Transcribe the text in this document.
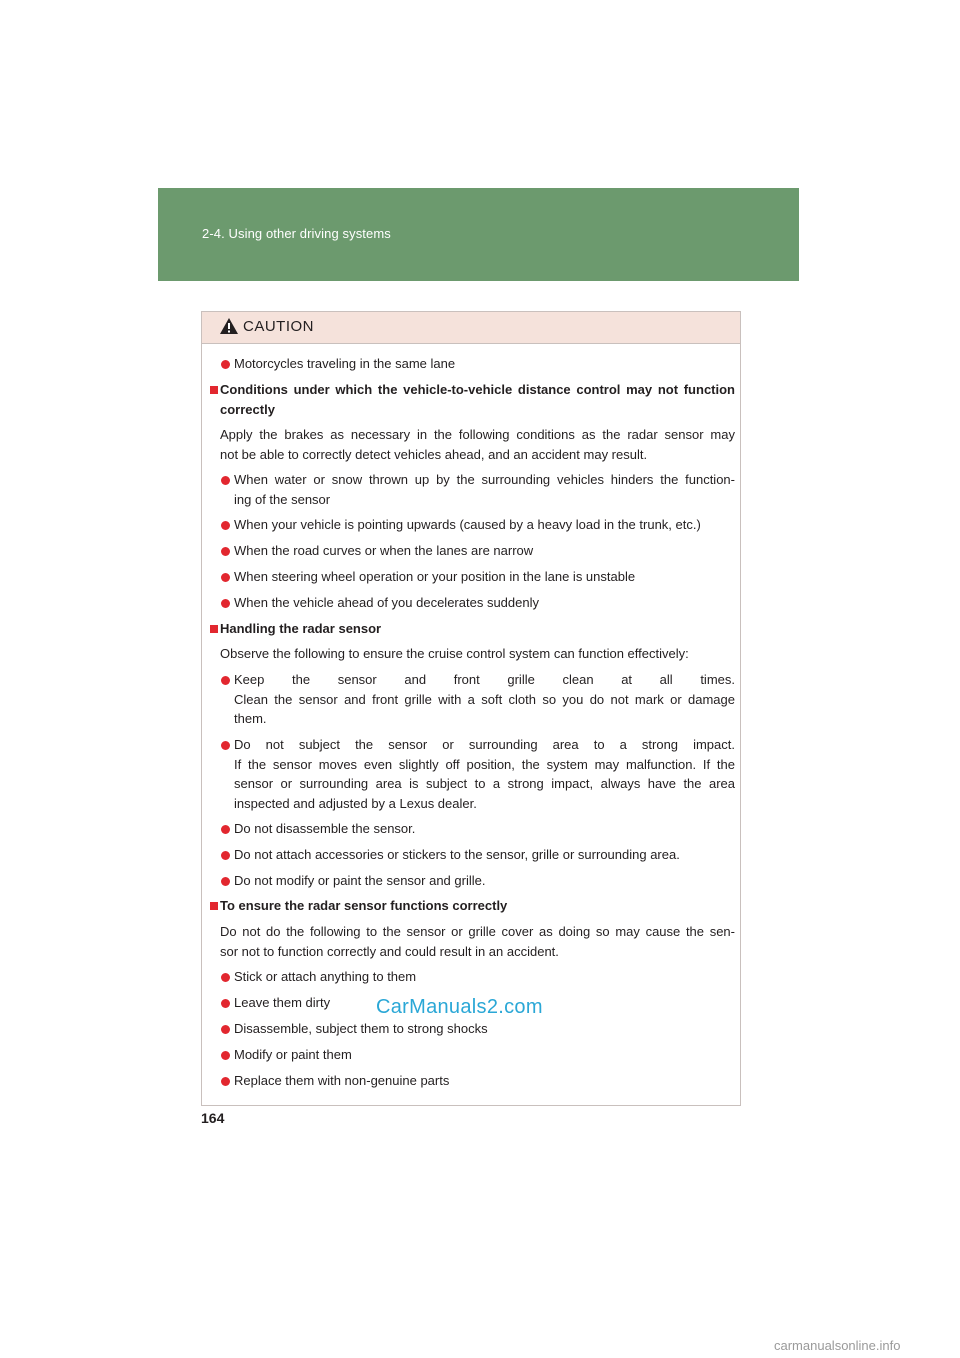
2-4. Using other driving systems
CAUTION
Motorcycles traveling in the same lane
Conditions under which the vehicle-to-vehicle distance control may not function
correctly
Apply the brakes as necessary in the following conditions as the radar sensor may
not be able to correctly detect vehicles ahead, and an accident may result.
When water or snow thrown up by the surrounding vehicles hinders the function-
ing of the sensor
When your vehicle is pointing upwards (caused by a heavy load in the trunk, etc.)
When the road curves or when the lanes are narrow
When steering wheel operation or your position in the lane is unstable
When the vehicle ahead of you decelerates suddenly
Handling the radar sensor
Observe the following to ensure the cruise control system can function effectively:
Keep the sensor and front grille clean at all times.
Clean the sensor and front grille with a soft cloth so you do not mark or damage
them.
Do not subject the sensor or surrounding area to a strong impact.
If the sensor moves even slightly off position, the system may malfunction. If the
sensor or surrounding area is subject to a strong impact, always have the area
inspected and adjusted by a Lexus dealer.
Do not disassemble the sensor.
Do not attach accessories or stickers to the sensor, grille or surrounding area.
Do not modify or paint the sensor and grille.
To ensure the radar sensor functions correctly
Do not do the following to the sensor or grille cover as doing so may cause the sen-
sor not to function correctly and could result in an accident.
Stick or attach anything to them
Leave them dirty
Disassemble, subject them to strong shocks
Modify or paint them
Replace them with non-genuine parts
164
CarManuals2.com
carmanualsonline.info
